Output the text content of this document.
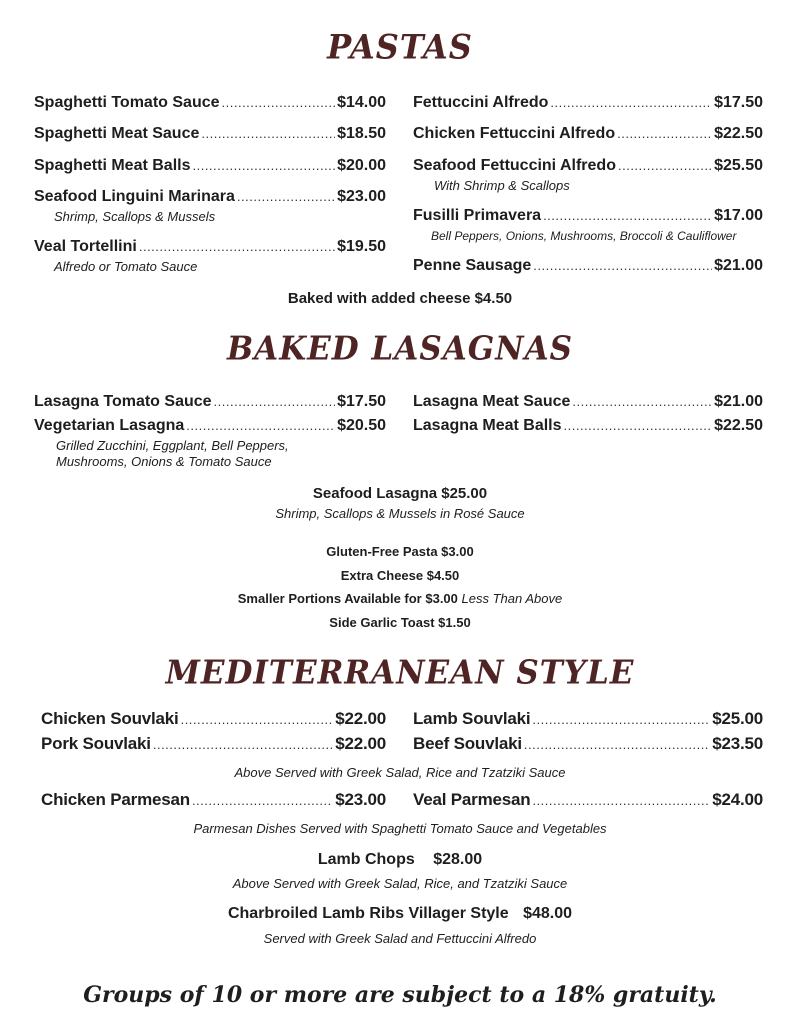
PASTAS
Spaghetti Tomato Sauce .....	$14.00
Spaghetti Meat Sauce .....	$18.50
Spaghetti Meat Balls .....	$20.00
Seafood Linguini Marinara .....	$23.00
Shrimp, Scallops & Mussels
Veal Tortellini .....	$19.50
Alfredo or Tomato Sauce
Fettuccini Alfredo .....	$17.50
Chicken Fettuccini Alfredo .....	$22.50
Seafood Fettuccini Alfredo .....	$25.50
With Shrimp & Scallops
Fusilli Primavera .....	$17.00
Bell Peppers, Onions, Mushrooms, Broccoli & Cauliflower
Penne Sausage .....	$21.00
Baked with added cheese $4.50
BAKED LASAGNAS
Lasagna Tomato Sauce .....	$17.50
Vegetarian Lasagna .....	$20.50
Grilled Zucchini, Eggplant, Bell Peppers,
Mushrooms, Onions & Tomato Sauce
Lasagna Meat Sauce .....	$21.00
Lasagna Meat Balls .....	$22.50
Seafood Lasagna $25.00
Shrimp, Scallops & Mussels in Rosé Sauce
Gluten-Free Pasta $3.00
Extra Cheese $4.50
Smaller Portions Available for $3.00 Less Than Above
Side Garlic Toast $1.50
MEDITERRANEAN STYLE
Chicken Souvlaki .....	$22.00
Pork Souvlaki .....	$22.00
Lamb Souvlaki .....	$25.00
Beef Souvlaki .....	$23.50
Above Served with Greek Salad, Rice and Tzatziki Sauce
Chicken Parmesan .....	$23.00 Veal Parmesan .....	$24.00
Parmesan Dishes Served with Spaghetti Tomato Sauce and Vegetables
Lamb Chops $28.00
Above Served with Greek Salad, Rice, and Tzatziki Sauce
Charbroiled Lamb Ribs Villager Style $48.00
Served with Greek Salad and Fettuccini Alfredo
Groups of 10 or more are subject to a 18% gratuity.
